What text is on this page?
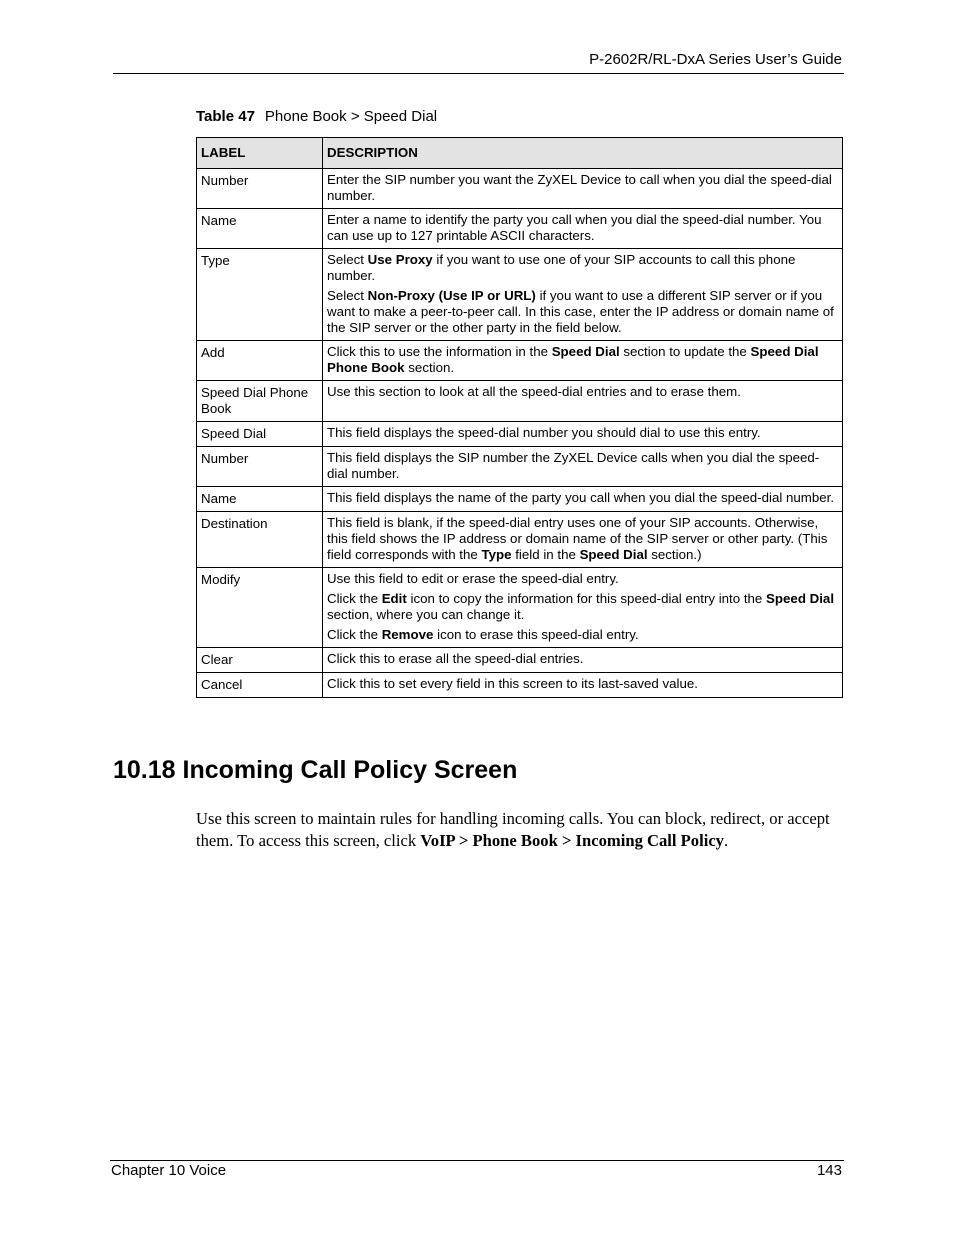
P-2602R/RL-DxA Series User’s Guide
Table 47 Phone Book > Speed Dial
LABEL	DESCRIPTION
Number	Enter the SIP number you want the ZyXEL Device to call when you dial the speed-dial number.

Name	Enter a name to identify the party you call when you dial the speed-dial number. You can use up to 127 printable ASCII characters.

Type	Select Use Proxy if you want to use one of your SIP accounts to call this phone number.

Select Non-Proxy (Use IP or URL) if you want to use a different SIP server or if you want to make a peer-to-peer call. In this case, enter the IP address or domain name of the SIP server or the other party in the field below.

Add	Click this to use the information in the Speed Dial section to update the Speed Dial Phone Book section.

Speed Dial Phone Book	Use this section to look at all the speed-dial entries and to erase them.

Speed Dial	This field displays the speed-dial number you should dial to use this entry.

Number	This field displays the SIP number the ZyXEL Device calls when you dial the speed-dial number.

Name	This field displays the name of the party you call when you dial the speed-dial number.

Destination	This field is blank, if the speed-dial entry uses one of your SIP accounts. Otherwise, this field shows the IP address or domain name of the SIP server or other party. (This field corresponds with the Type field in the Speed Dial section.)

Modify	Use this field to edit or erase the speed-dial entry.

Click the Edit icon to copy the information for this speed-dial entry into the Speed Dial section, where you can change it.

Click the Remove icon to erase this speed-dial entry.

Clear	Click this to erase all the speed-dial entries.

Cancel	Click this to set every field in this screen to its last-saved value.

10.18 Incoming Call Policy Screen
Use this screen to maintain rules for handling incoming calls. You can block, redirect, or accept them. To access this screen, click VoIP > Phone Book > Incoming Call Policy.
Chapter 10 Voice	143
